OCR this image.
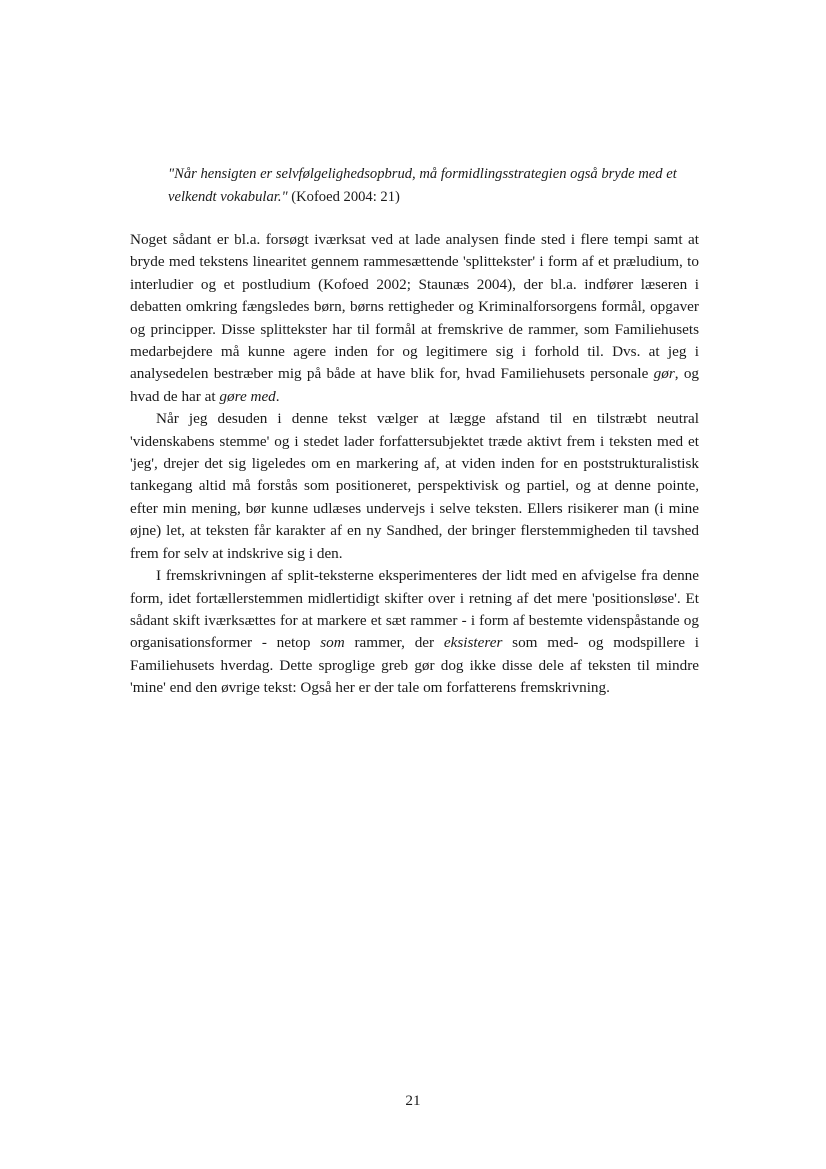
"Når hensigten er selvfølgelighedsopbrud, må formidlingsstrategien også bryde med et velkendt vokabular." (Kofoed 2004: 21)

Noget sådant er bl.a. forsøgt iværksat ved at lade analysen finde sted i flere tempi samt at bryde med tekstens linearitet gennem rammesættende 'splittekster' i form af et præludium, to interludier og et postludium (Kofoed 2002; Staunæs 2004), der bl.a. indfører læseren i debatten omkring fængsledes børn, børns rettigheder og Kriminalforsorgens formål, opgaver og principper. Disse splittekster har til formål at fremskrive de rammer, som Familiehusets medarbejdere må kunne agere inden for og legitimere sig i forhold til. Dvs. at jeg i analysedelen bestræber mig på både at have blik for, hvad Familiehusets personale gør, og hvad de har at gøre med.

Når jeg desuden i denne tekst vælger at lægge afstand til en tilstræbt neutral 'videnskabens stemme' og i stedet lader forfattersubjektet træde aktivt frem i teksten med et 'jeg', drejer det sig ligeledes om en markering af, at viden inden for en poststrukturalistisk tankegang altid må forstås som positioneret, perspektivisk og partiel, og at denne pointe, efter min mening, bør kunne udlæses undervejs i selve teksten. Ellers risikerer man (i mine øjne) let, at teksten får karakter af en ny Sandhed, der bringer flerstemmigheden til tavshed frem for selv at indskrive sig i den.

I fremskrivningen af split-teksterne eksperimenteres der lidt med en afvigelse fra denne form, idet fortællerstemmen midlertidigt skifter over i retning af det mere 'positionsløse'. Et sådant skift iværksættes for at markere et sæt rammer - i form af bestemte videnspåstande og organisationsformer - netop som rammer, der eksisterer som med- og modspillere i Familiehusets hverdag. Dette sproglige greb gør dog ikke disse dele af teksten til mindre 'mine' end den øvrige tekst: Også her er der tale om forfatterens fremskrivning.

21
